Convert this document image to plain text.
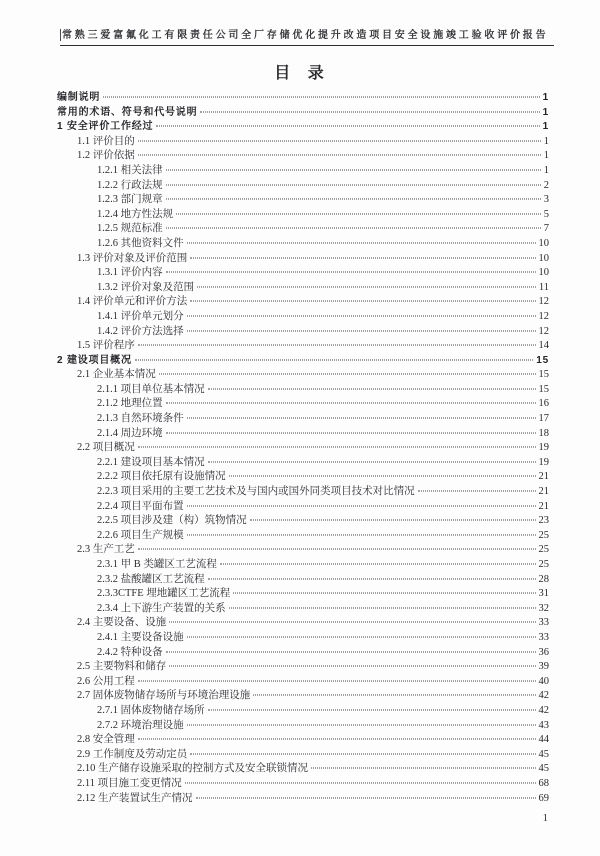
常熟三爱富氟化工有限责任公司全厂存储优化提升改造项目安全设施竣工验收评价报告
目 录
编制说明	1
常用的术语、符号和代号说明	1
1 安全评价工作经过	1
1.1 评价目的	1
1.2 评价依据	1
1.2.1 相关法律	1
1.2.2 行政法规	2
1.2.3 部门规章	3
1.2.4 地方性法规	5
1.2.5 规范标准	7
1.2.6 其他资料文件	10
1.3 评价对象及评价范围	10
1.3.1 评价内容	10
1.3.2 评价对象及范围	11
1.4 评价单元和评价方法	12
1.4.1 评价单元划分	12
1.4.2 评价方法选择	12
1.5 评价程序	14
2 建设项目概况	15
2.1 企业基本情况	15
2.1.1 项目单位基本情况	15
2.1.2 地理位置	16
2.1.3 自然环境条件	17
2.1.4 周边环境	18
2.2 项目概况	19
2.2.1 建设项目基本情况	19
2.2.2 项目依托原有设施情况	21
2.2.3 项目采用的主要工艺技术及与国内或国外同类项目技术对比情况	21
2.2.4 项目平面布置	21
2.2.5 项目涉及建（构）筑物情况	23
2.2.6 项目生产规模	25
2.3 生产工艺	25
2.3.1 甲 B 类罐区工艺流程	25
2.3.2 盐酸罐区工艺流程	28
2.3.3CTFE 埋地罐区工艺流程	31
2.3.4 上下游生产装置的关系	32
2.4 主要设备、设施	33
2.4.1 主要设备设施	33
2.4.2 特种设备	36
2.5 主要物料和储存	39
2.6 公用工程	40
2.7 固体废物储存场所与环境治理设施	42
2.7.1 固体废物储存场所	42
2.7.2 环境治理设施	43
2.8 安全管理	44
2.9 工作制度及劳动定员	45
2.10 生产储存设施采取的控制方式及安全联锁情况	45
2.11 项目施工变更情况	68
2.12 生产装置试生产情况	69
1
